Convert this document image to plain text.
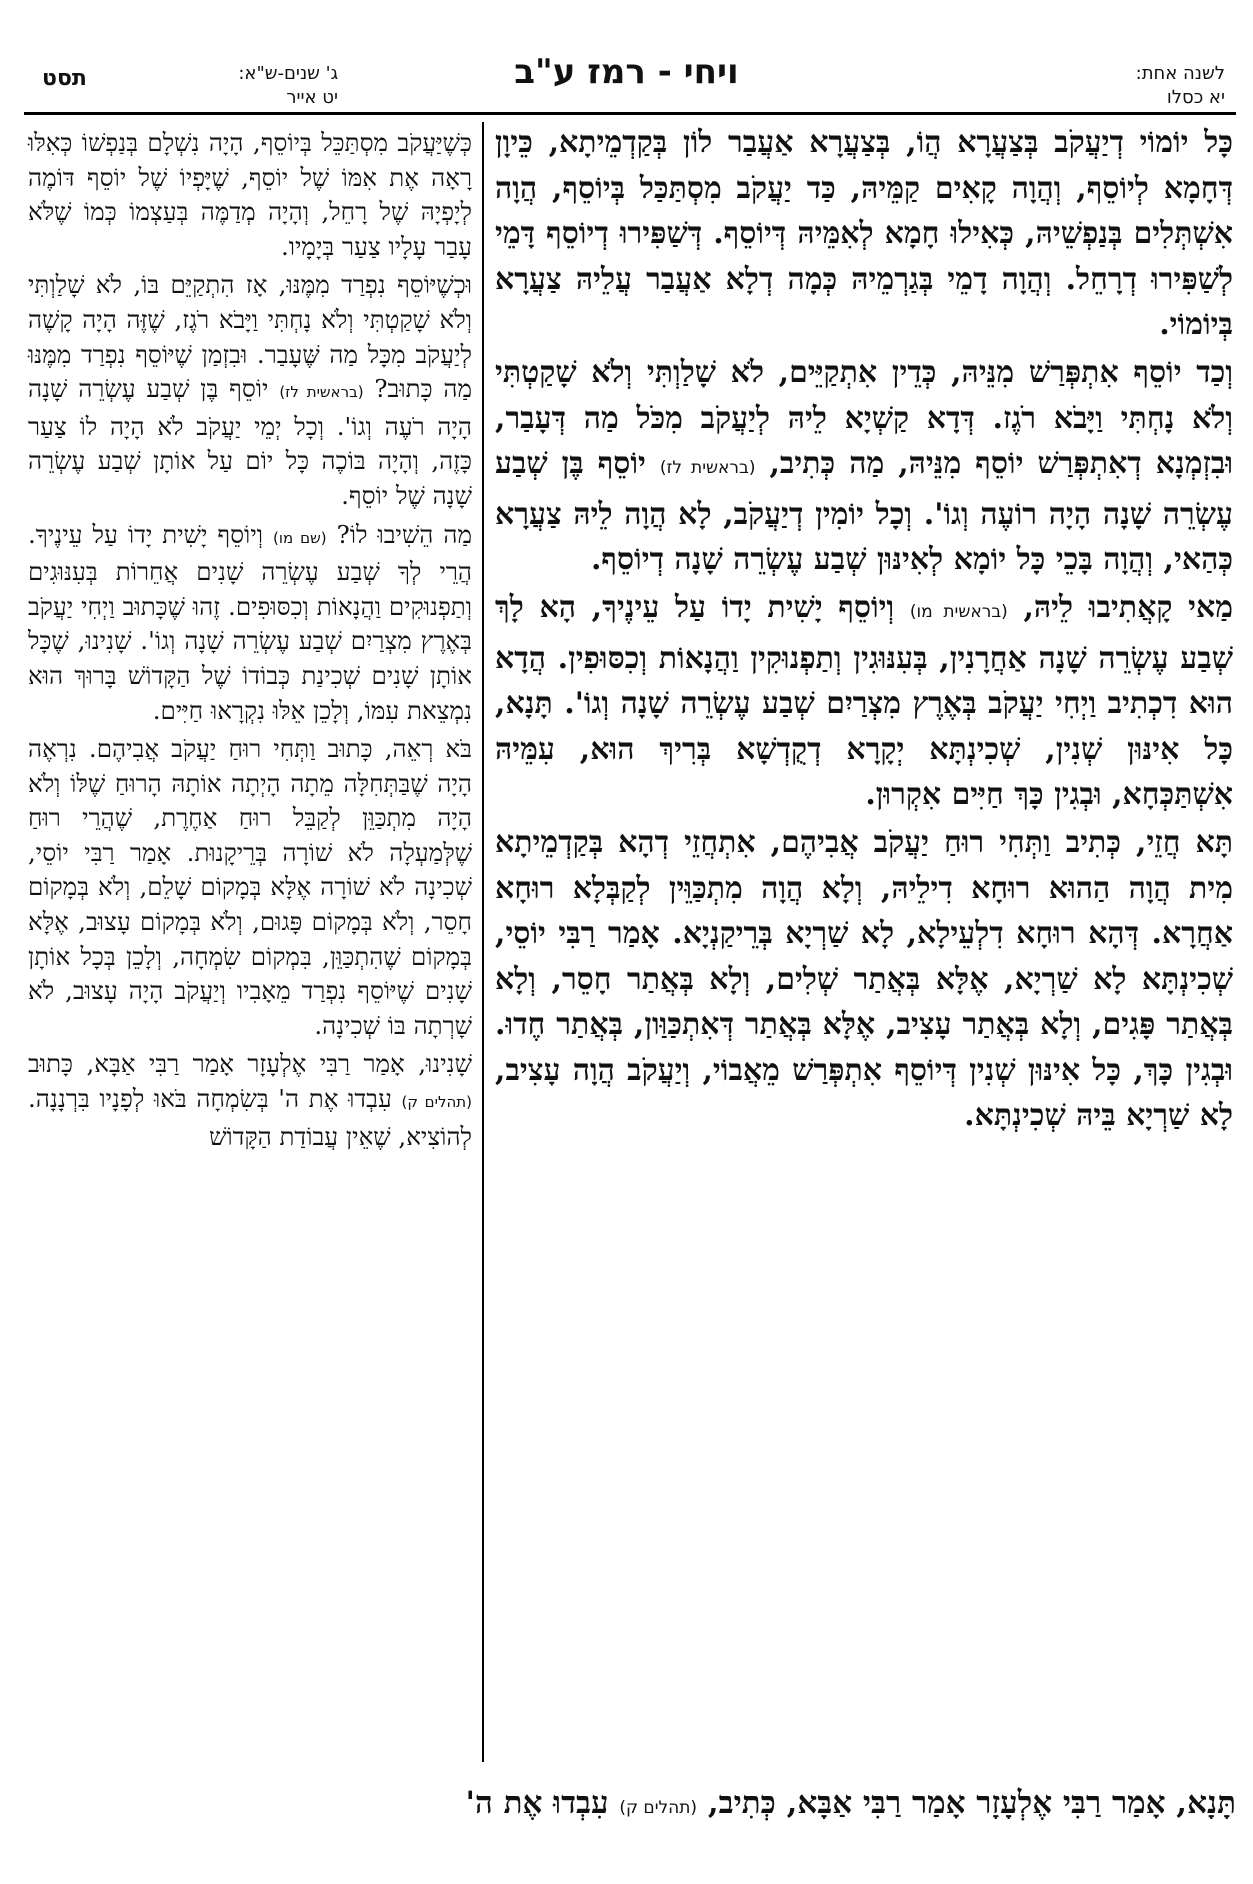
לשנה אחת:
יא כסלו
ויחי - רמז ע"ב
ג' שנים-ש"א:
יט אייר
תסט

כָּל יוֹמוֹי דְיַעֲקֹב בְּצַעֲרָא הֲוֹ, בְּצַעֲרָא אַעֲבַר לוֹן בְּקַדְמֵיתָא, כֵּיוָן דְּחָמָא לְיוֹסֵף, וְהֲוָה קָאִים קַמֵּיהּ, כַּד יַעֲקֹב מִסְתַּכַּל בְּיוֹסֵף, הֲוָה אִשְׁתְּלִים בְּנַפְשֵׁיהּ, כְּאִילוּ חָמָא לְאִמֵּיהּ דְּיוֹסֵף. דְּשַׁפִּירוּ דְיוֹסֵף דָּמֵי לְשַׁפִּירוּ דְרָחֵל. וְהֲוָה דָמֵי בְּגַרְמֵיהּ כְּמָה דְלָא אַעֲבַר עֲלֵיהּ צַעֲרָא בְּיוֹמוֹי.

וְכַד יוֹסֵף אִתְפְּרַשׁ מִנֵּיהּ, כְּדֵין אִתְקַיֵּים, לֹא שָׁלַוְתִּי וְלֹא שָׁקַטְתִּי וְלֹא נָחְתִּי וַיָּבֹא רֹגֶז. דְּדָא קַשְׁיָא לֵיהּ לְיַעֲקֹב מִכֹּל מַה דְּעָבַר, וּבִזְמְנָא דְאִתְפְּרַשׁ יוֹסֵף מִנֵּיהּ, מַה כְּתִיב, (בראשית לז) יוֹסֵף בֶּן שְׁבַע עֶשְׂרֵה שָׁנָה הָיָה רוֹעֶה וְגוֹ'. וְכָל יוֹמִין דְיַעֲקֹב, לָא הֲוָה לֵיהּ צַעֲרָא כְּהַאי, וְהֲוָה בָּכֵי כָּל יוֹמָא לְאִינּוּן שְׁבַע עֶשְׂרֵה שָׁנָה דְיוֹסֵף.

מַאי קָאֲתִיבוּ לֵיהּ, (בראשית מו) וְיוֹסֵף יָשִׁית יָדוֹ עַל עֵינֶיךָ, הָא לָךְ שְׁבַע עֶשְׂרֵה שָׁנָה אַחֲרָנִין, בְּעִנּוּגִין וְתַפְנוּקִין וַהֲנָאוֹת וְכִסּוּפִין. הֲדָא הוּא דִכְתִיב וַיְחִי יַעֲקֹב בְּאֶרֶץ מִצְרַיִם שְׁבַע עֶשְׂרֵה שָׁנָה וְגוֹ'. תָּנָא, כָּל אִינּוּן שְׁנִין, שְׁכִינְתָּא יְקָרָא דְקֻדְשָׁא בְּרִיךְ הוּא, עִמֵּיהּ אִשְׁתַּכְּחָא, וּבְגִין כָּךְ חַיִּים אִקְרוּן.

תָּא חֲזֵי, כְּתִיב וַתְּחִי רוּחַ יַעֲקֹב אֲבִיהֶם, אִתְחֲזֵי דְהָא בְּקַדְמֵיתָא מִית הֲוָה הַהוּא רוּחָא דִילֵיהּ, וְלָא הֲוָה מִתְכַּוֵּין לְקַבְּלָא רוּחָא אַחֲרָא. דְּהָא רוּחָא דִלְעֵילָא, לָא שַׁרְיָא בְּרֵיקַנְיָא. אָמַר רַבִּי יוֹסֵי, שְׁכִינְתָּא לָא שַׁרְיָא, אֶלָּא בְּאֲתַר שְׁלִים, וְלָא בְּאֲתַר חָסֵר, וְלָא בְּאֲתַר פָּגִים, וְלָא בְּאֲתַר עָצִיב, אֶלָּא בְּאֲתַר דְּאִתְכַּוַּון, בְּאֲתַר חֶדוּ. וּבְגִין כָּךְ, כָּל אִינּוּן שְׁנִין דְּיוֹסֵף אִתְפְּרַשׁ מֵאֲבוֹי, וְיַעֲקֹב הֲוָה עָצִיב, לָא שַׁרְיָא בֵּיהּ שְׁכִינְתָּא.

כְּשֶׁיַּעֲקֹב מִסְתַּכֵּל בְּיוֹסֵף, הָיָה נִשְׁלָם בְּנַפְשׁוֹ כְּאִלּוּ רָאָה אֶת אִמּוֹ שֶׁל יוֹסֵף, שֶׁיָּפְיוֹ שֶׁל יוֹסֵף דּוֹמֶה לְיָפְיָהּ שֶׁל רָחֵל, וְהָיָה מְדַמֶּה בְּעַצְמוֹ כְּמוֹ שֶׁלֹּא עָבַר עָלָיו צַעַר בְּיָמָיו.

וּכְשֶׁיּוֹסֵף נִפְרַד מִמֶּנּוּ, אָז הִתְקַיֵּם בּוֹ, לֹא שָׁלַוְתִּי וְלֹא שָׁקַטְתִּי וְלֹא נָחְתִּי וַיָּבֹא רֹגֶז, שֶׁזֶּה הָיָה קָשֶׁה לְיַעֲקֹב מִכָּל מַה שֶּׁעָבַר. וּבִזְמַן שֶׁיּוֹסֵף נִפְרַד מִמֶּנּוּ מַה כָּתוּב? (בראשית לז) יוֹסֵף בֶּן שְׁבַע עֶשְׂרֵה שָׁנָה הָיָה רֹעֶה וְגוֹ'. וְכָל יְמֵי יַעֲקֹב לֹא הָיָה לוֹ צַעַר כָּזֶה, וְהָיָה בּוֹכֶה כָּל יוֹם עַל אוֹתָן שְׁבַע עֶשְׂרֵה שָׁנָה שֶׁל יוֹסֵף.

מַה הֵשִׁיבוּ לוֹ? (שם מו) וְיוֹסֵף יָשִׁית יָדוֹ עַל עֵינֶיךָ. הֲרֵי לְךָ שְׁבַע עֶשְׂרֵה שָׁנִים אֲחֵרוֹת בְּעִנּוּגִים וְתַפְנוּקִים וַהֲנָאוֹת וְכִסּוּפִים. זֶהוּ שֶׁכָּתוּב וַיְחִי יַעֲקֹב בְּאֶרֶץ מִצְרַיִם שְׁבַע עֶשְׂרֵה שָׁנָה וְגוֹ'. שָׁנִינוּ, שֶׁכָּל אוֹתָן שָׁנִים שְׁכִינַת כְּבוֹדוֹ שֶׁל הַקָּדוֹשׁ בָּרוּךְ הוּא נִמְצֵאת עִמּוֹ, וְלָכֵן אֵלּוּ נִקְרָאוּ חַיִּים.

בֹּא רְאֵה, כָּתוּב וַתְּחִי רוּחַ יַעֲקֹב אֲבִיהֶם. נִרְאֶה הָיָה שֶׁבַּתְּחִלָּה מֵתָה הָיְתָה אוֹתָהּ הָרוּחַ שֶׁלּוֹ וְלֹא הָיָה מִתְכַּוֵּן לְקַבֵּל רוּחַ אַחֶרֶת, שֶׁהֲרֵי רוּחַ שֶׁלְּמַעְלָה לֹא שׁוֹרָה בְּרֵיקָנוּת. אָמַר רַבִּי יוֹסֵי, שְׁכִינָה לֹא שׁוֹרָה אֶלָּא בְּמָקוֹם שָׁלֵם, וְלֹא בְּמָקוֹם חָסֵר, וְלֹא בְּמָקוֹם פָּגוּם, וְלֹא בְּמָקוֹם עָצוּב, אֶלָּא בְּמָקוֹם שֶׁהִתְכַּוֵּן, בִּמְקוֹם שִׂמְחָה, וְלָכֵן בְּכָל אוֹתָן שָׁנִים שֶׁיּוֹסֵף נִפְרַד מֵאָבִיו וְיַעֲקֹב הָיָה עָצוּב, לֹא שָׁרְתָה בּוֹ שְׁכִינָה.

שָׁנִינוּ, אָמַר רַבִּי אֶלְעָזָר אָמַר רַבִּי אַבָּא, כָּתוּב (תהלים ק) עִבְדוּ אֶת ה' בְּשִׂמְחָה בֹּאוּ לְפָנָיו בִּרְנָנָה. לְהוֹצִיא, שֶׁאֵין עֲבוֹדַת הַקָּדוֹשׁ

תָּנָא, אָמַר רַבִּי אֶלְעָזָר אָמַר רַבִּי אַבָּא, כְּתִיב, (תהלים ק) עִבְדוּ אֶת ה'
